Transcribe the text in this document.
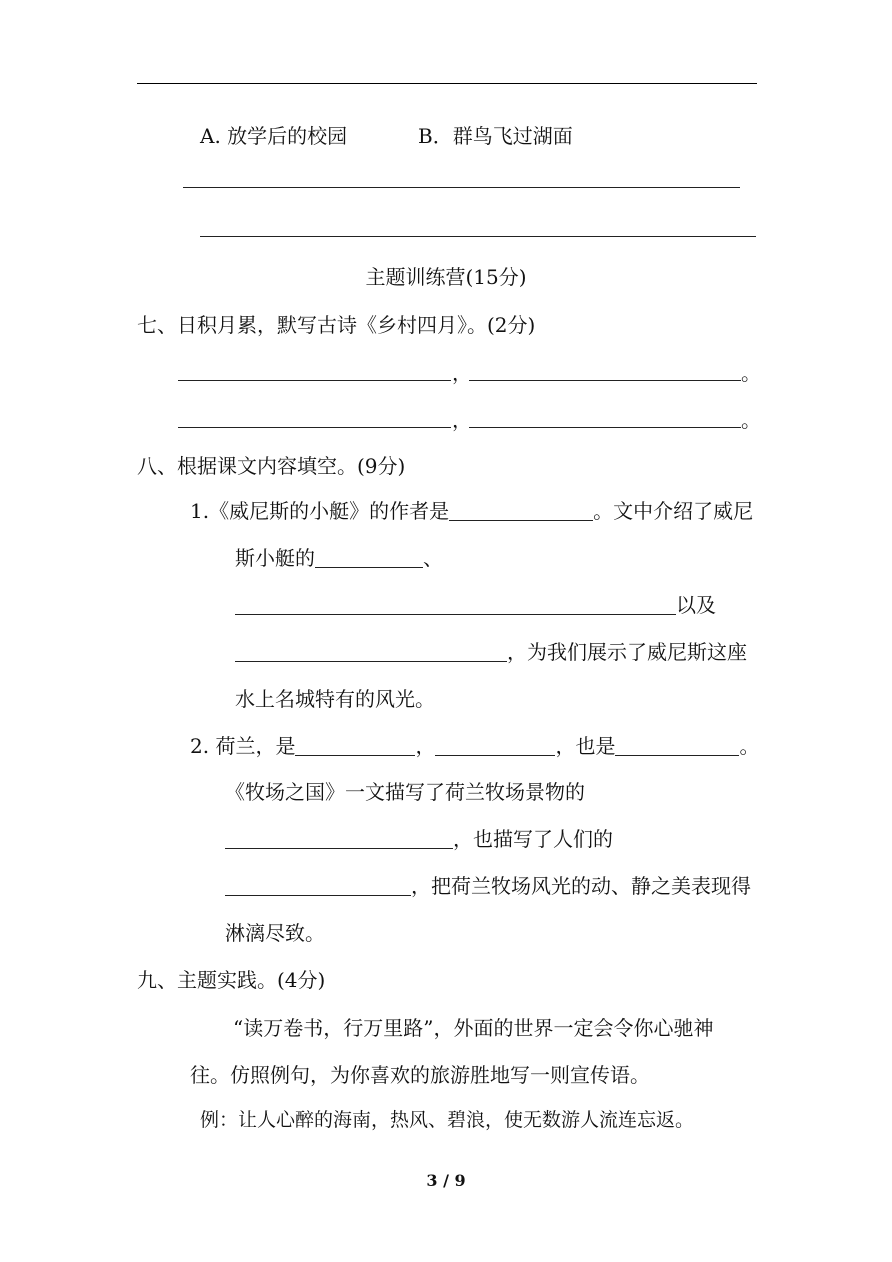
A. 放学后的校园	B．群鸟飞过湖面
主题训练营(15分)
七、日积月累，默写古诗《乡村四月》。(2分)
，	。
，	。
八、根据课文内容填空。(9分)
1.《威尼斯的小艇》的作者是	。文中介绍了威尼
斯小艇的	、
以及
，为我们展示了威尼斯这座
水上名城特有的风光。
2. 荷兰，是	，	，也是	。
《牧场之国》一文描写了荷兰牧场景物的
，也描写了人们的
，把荷兰牧场风光的动、静之美表现得
淋漓尽致。
九、主题实践。(4分)
“读万卷书，行万里路”，外面的世界一定会令你心驰神
往。仿照例句，为你喜欢的旅游胜地写一则宣传语。
例：让人心醉的海南，热风、碧浪，使无数游人流连忘返。
3 / 9
